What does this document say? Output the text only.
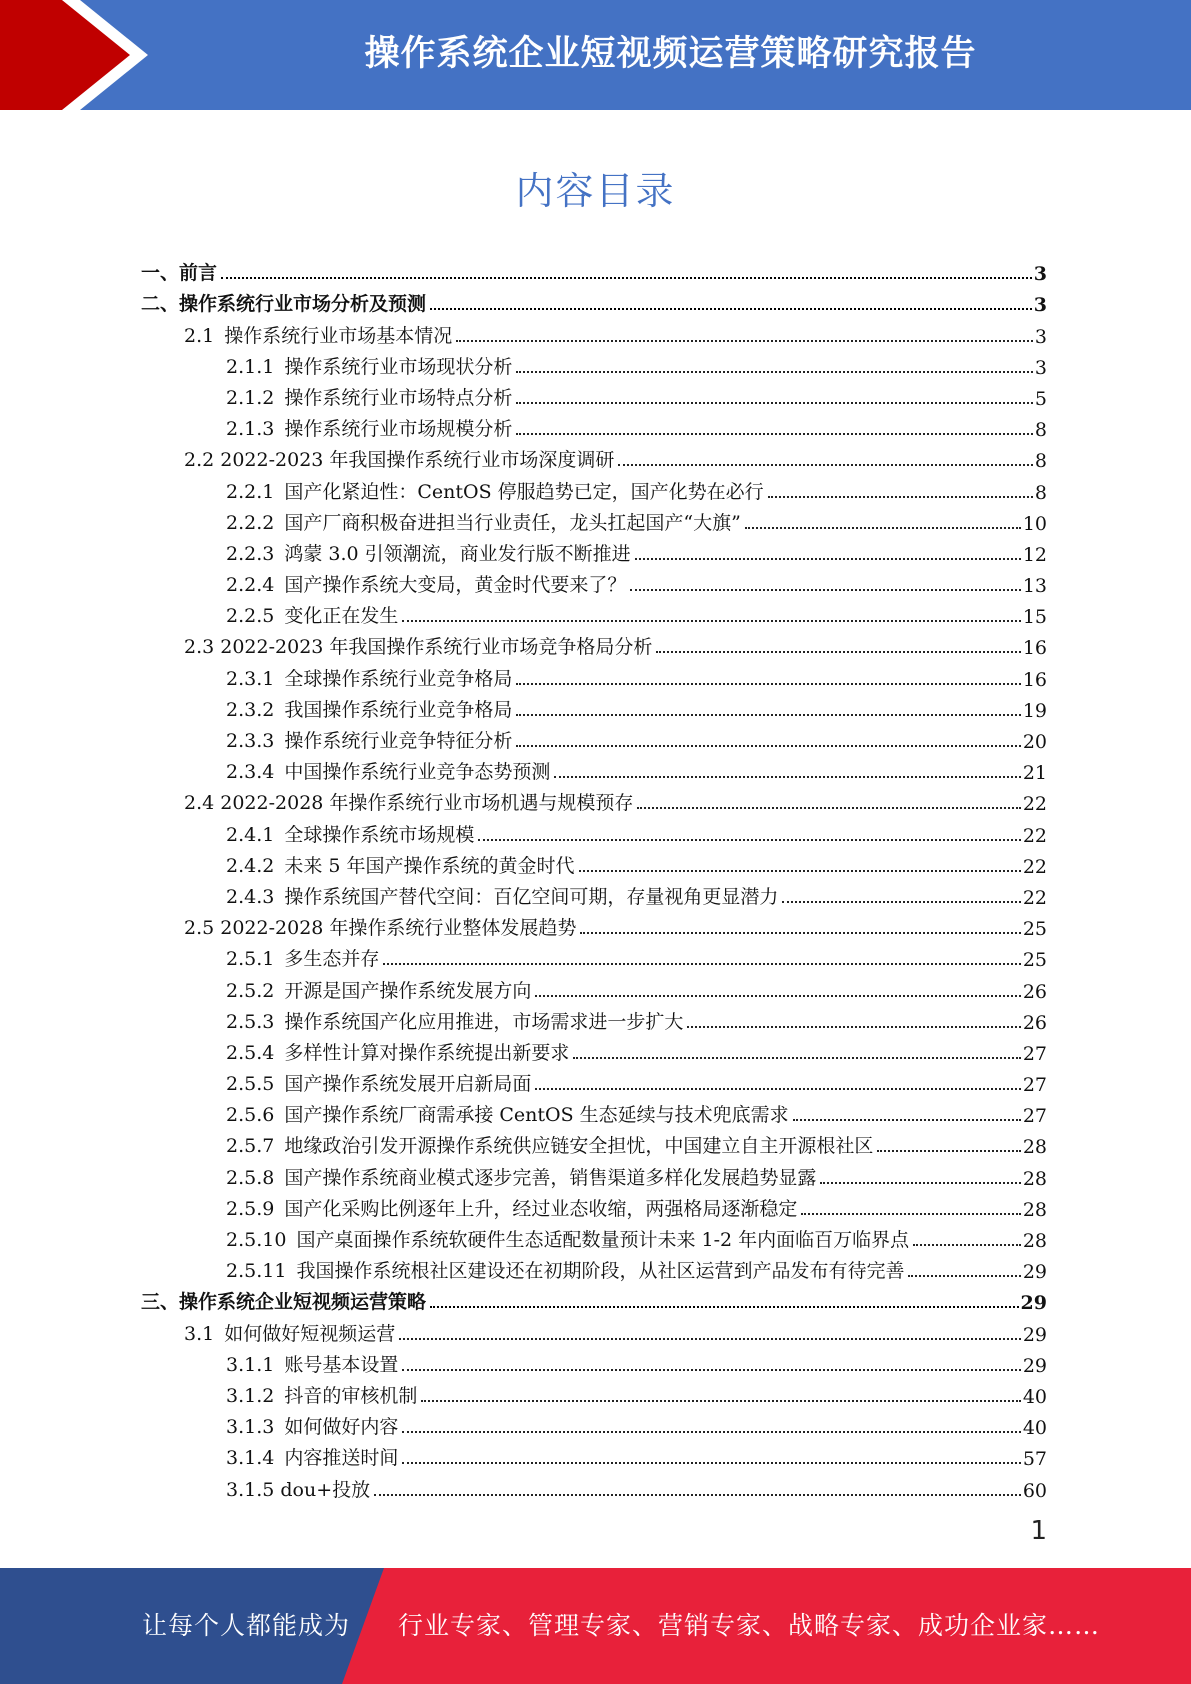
操作系统企业短视频运营策略研究报告
内容目录
一、前言	3
二、操作系统行业市场分析及预测	3
2.1 操作系统行业市场基本情况	3
2.1.1 操作系统行业市场现状分析	3
2.1.2 操作系统行业市场特点分析	5
2.1.3 操作系统行业市场规模分析	8
2.2 2022-2023 年我国操作系统行业市场深度调研	8
2.2.1 国产化紧迫性：CentOS 停服趋势已定，国产化势在必行	8
2.2.2 国产厂商积极奋进担当行业责任，龙头扛起国产“大旗”	10
2.2.3 鸿蒙 3.0 引领潮流，商业发行版不断推进	12
2.2.4 国产操作系统大变局，黄金时代要来了？	13
2.2.5 变化正在发生	15
2.3 2022-2023 年我国操作系统行业市场竞争格局分析	16
2.3.1 全球操作系统行业竞争格局	16
2.3.2 我国操作系统行业竞争格局	19
2.3.3 操作系统行业竞争特征分析	20
2.3.4 中国操作系统行业竞争态势预测	21
2.4 2022-2028 年操作系统行业市场机遇与规模预存	22
2.4.1 全球操作系统市场规模	22
2.4.2 未来 5 年国产操作系统的黄金时代	22
2.4.3 操作系统国产替代空间：百亿空间可期，存量视角更显潜力	22
2.5 2022-2028 年操作系统行业整体发展趋势	25
2.5.1 多生态并存	25
2.5.2 开源是国产操作系统发展方向	26
2.5.3 操作系统国产化应用推进，市场需求进一步扩大	26
2.5.4 多样性计算对操作系统提出新要求	27
2.5.5 国产操作系统发展开启新局面	27
2.5.6 国产操作系统厂商需承接 CentOS 生态延续与技术兜底需求	27
2.5.7 地缘政治引发开源操作系统供应链安全担忧，中国建立自主开源根社区	28
2.5.8 国产操作系统商业模式逐步完善，销售渠道多样化发展趋势显露	28
2.5.9 国产化采购比例逐年上升，经过业态收缩，两强格局逐渐稳定	28
2.5.10 国产桌面操作系统软硬件生态适配数量预计未来 1-2 年内面临百万临界点	28
2.5.11 我国操作系统根社区建设还在初期阶段，从社区运营到产品发布有待完善	29
三、操作系统企业短视频运营策略	29
3.1 如何做好短视频运营	29
3.1.1 账号基本设置	29
3.1.2 抖音的审核机制	40
3.1.3 如何做好内容	40
3.1.4 内容推送时间	57
3.1.5 dou+投放	60
1
让每个人都能成为 行业专家、管理专家、营销专家、战略专家、成功企业家……
